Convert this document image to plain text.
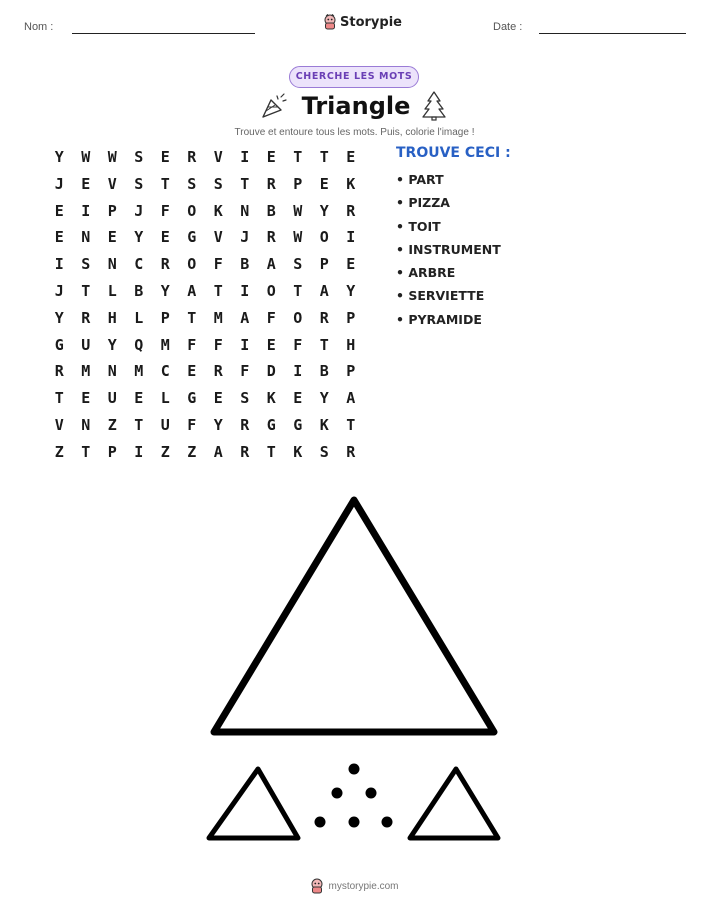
Nom :	Storypie	Date :
CHERCHE LES MOTS
Triangle
Trouve et entoure tous les mots. Puis, colorie l'image !
Y	W	W	S	E	R	V	I	E	T	T	E
J	E	V	S	T	S	S	T	R	P	E	K
E	I	P	J	F	O	K	N	B	W	Y	R
E	N	E	Y	E	G	V	J	R	W	O	I
I	S	N	C	R	O	F	B	A	S	P	E
J	T	L	B	Y	A	T	I	O	T	A	Y
Y	R	H	L	P	T	M	A	F	O	R	P
G	U	Y	Q	M	F	F	I	E	F	T	H
R	M	N	M	C	E	R	F	D	I	B	P
T	E	U	E	L	G	E	S	K	E	Y	A
V	N	Z	T	U	F	Y	R	G	G	K	T
Z	T	P	I	Z	Z	A	R	T	K	S	R
TROUVE CECI :
• PART
• PIZZA
• TOIT
• INSTRUMENT
• ARBRE
• SERVIETTE
• PYRAMIDE
mystorypie.com
